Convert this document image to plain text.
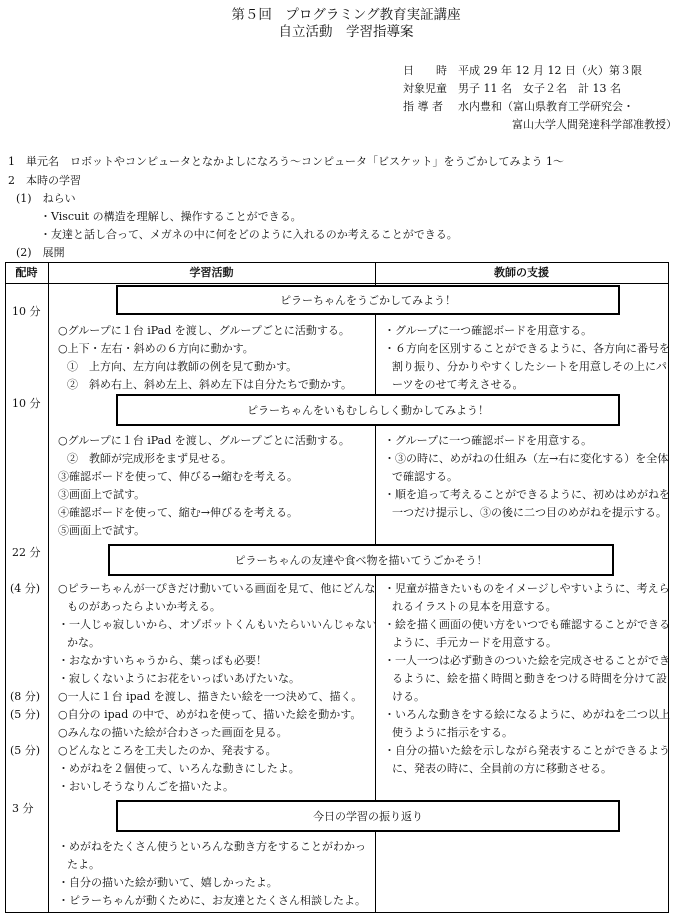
第５回　プログラミング教育実証講座
自立活動　学習指導案
日　　時 平成 29 年 12 月 12 日（火）第３限
対象児童 男子 11 名　女子２名　計 13 名
指 導 者 水内豊和（富山県教育工学研究会・
富山大学人間発達科学部准教授）
1　単元名　ロボットやコンピュータとなかよしになろう～コンピュータ「ビスケット」をうごかしてみよう 1～
2　本時の学習
(1)　ねらい
・Viscuit の構造を理解し、操作することができる。
・友達と話し合って、メガネの中に何をどのように入れるのか考えることができる。
(2)　展開
配時	学習活動	教師の支援
10 分
ピラーちゃんをうごかしてみよう！
○グループに１台 iPad を渡し、グループごとに活動する。
○上下・左右・斜めの６方向に動かす。
①　上方向、左方向は教師の例を見て動かす。
②　斜め右上、斜め左上、斜め左下は自分たちで動かす。
・グループに一つ確認ボードを用意する。
・６方向を区別することができるように、各方向に番号を
割り振り、分かりやすくしたシートを用意しその上にパ
ーツをのせて考えさせる。
10 分
ピラーちゃんをいもむしらしく動かしてみよう！
○グループに１台 iPad を渡し、グループごとに活動する。
②　教師が完成形をまず見せる。
③確認ボードを使って、伸びる→縮むを考える。
③画面上で試す。
④確認ボードを使って、縮む→伸びるを考える。
⑤画面上で試す。
・グループに一つ確認ボードを用意する。
・③の時に、めがねの仕組み（左→右に変化する）を全体
で確認する。
・順を追って考えることができるように、初めはめがねを
一つだけ提示し、③の後に二つ目のめがねを提示する。
22 分
ピラーちゃんの友達や食べ物を描いてうごかそう！
(4 分)
(8 分)
(5 分)
(5 分)
○ピラーちゃんが一ぴきだけ動いている画面を見て、他にどんな
ものがあったらよいか考える。
・一人じゃ寂しいから、オゾボットくんもいたらいいんじゃない
かな。
・おなかすいちゃうから、葉っぱも必要！
・寂しくないようにお花をいっぱいあげたいな。
○一人に１台 ipad を渡し、描きたい絵を一つ決めて、描く。
○自分の ipad の中で、めがねを使って、描いた絵を動かす。
○みんなの描いた絵が合わさった画面を見る。
○どんなところを工夫したのか、発表する。
・めがねを２個使って、いろんな動きにしたよ。
・おいしそうなりんごを描いたよ。
・児童が描きたいものをイメージしやすいように、考えら
れるイラストの見本を用意する。
・絵を描く画面の使い方をいつでも確認することができる
ように、手元カードを用意する。
・一人一つは必ず動きのついた絵を完成させることができ
るように、絵を描く時間と動きをつける時間を分けて設
ける。
・いろんな動きをする絵になるように、めがねを二つ以上
使うように指示をする。
・自分の描いた絵を示しながら発表することができるよう
に、発表の時に、全員前の方に移動させる。
3 分
今日の学習の振り返り
・めがねをたくさん使うといろんな動き方をすることがわかっ
たよ。
・自分の描いた絵が動いて、嬉しかったよ。
・ピラーちゃんが動くために、お友達とたくさん相談したよ。
